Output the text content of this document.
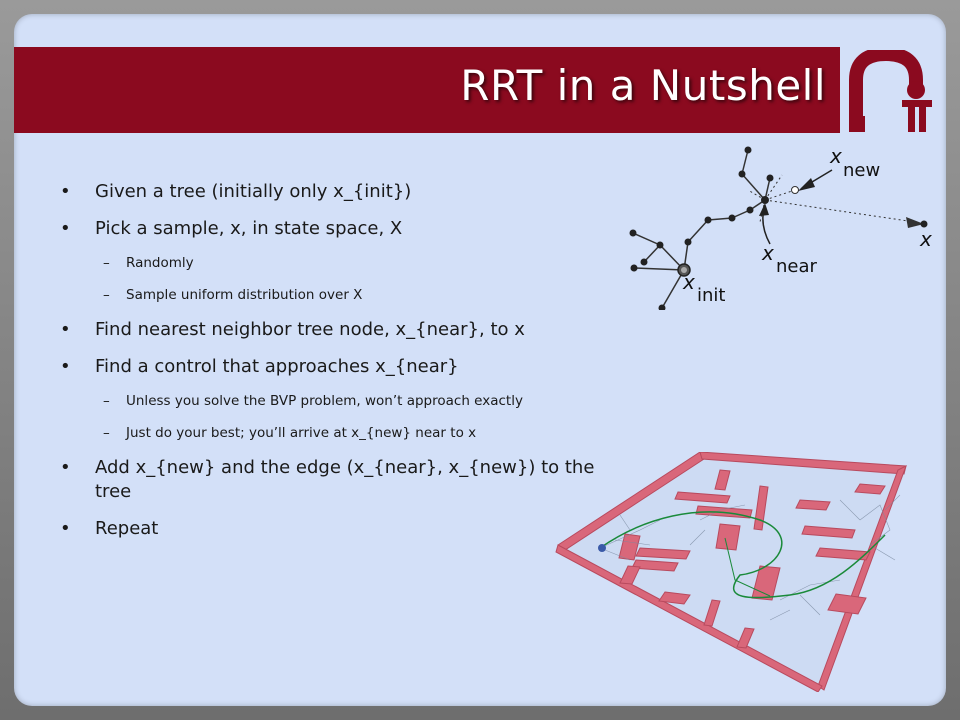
RRT in a Nutshell
• Given a tree (initially only x_{init})
• Pick a sample, x, in state space, X
– Randomly
– Sample uniform distribution over X
• Find nearest neighbor tree node, x_{near}, to x
• Find a control that approaches x_{near}
– Unless you solve the BVP problem, won’t approach exactly
– Just do your best; you’ll arrive at x_{new} near to x
• Add x_{new} and the edge (x_{near}, x_{new}) to the tree
• Repeat
x
new
x
x
near
x
init
